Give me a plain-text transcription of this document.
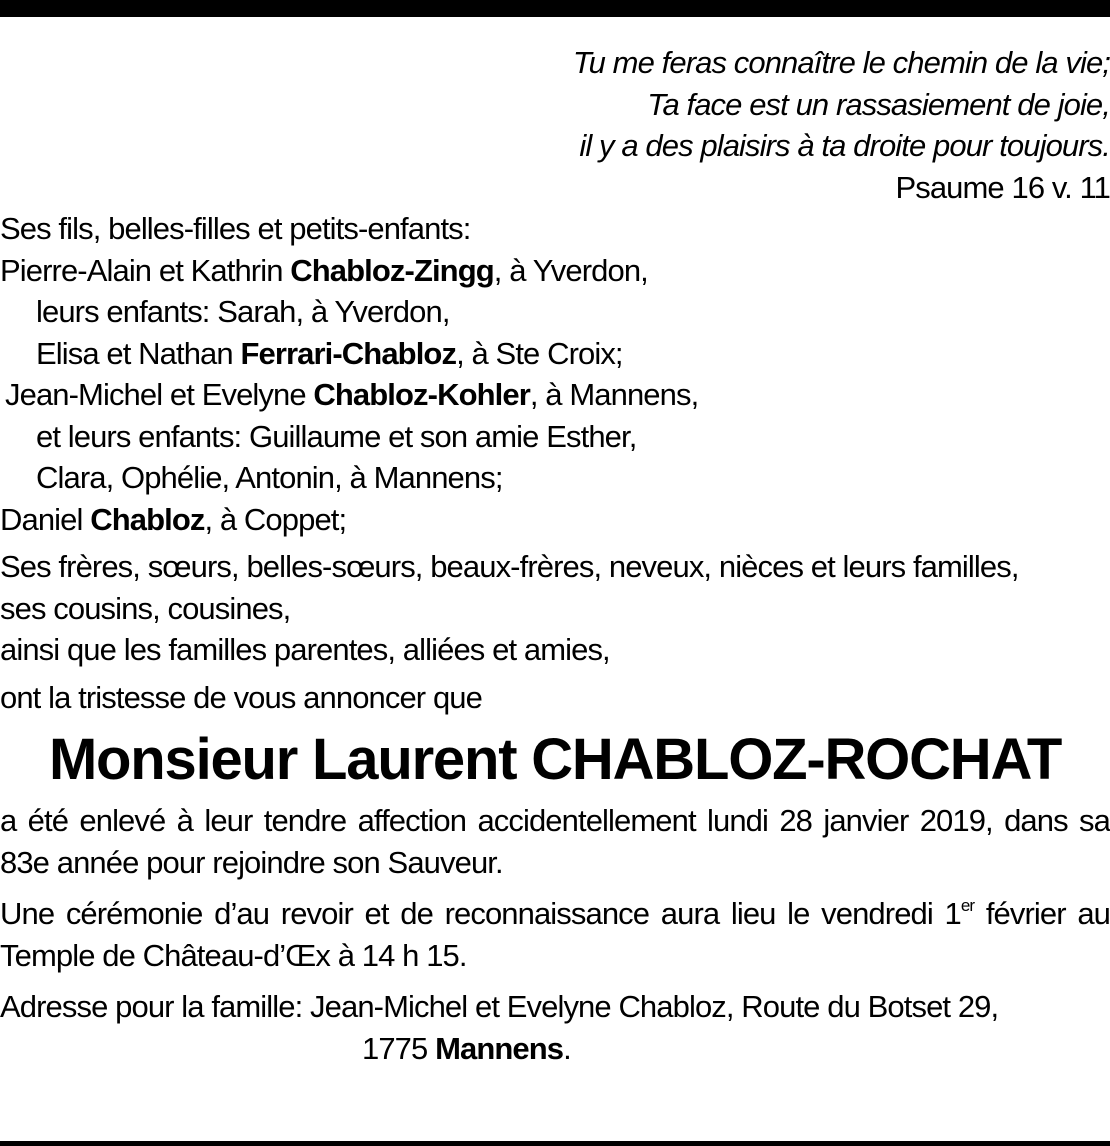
Tu me feras connaître le chemin de la vie;
Ta face est un rassasiement de joie,
il y a des plaisirs à ta droite pour toujours.
Psaume 16 v. 11
Ses fils, belles-filles et petits-enfants:
Pierre-Alain et Kathrin Chabloz-Zingg, à Yverdon,
leurs enfants: Sarah, à Yverdon,
Elisa et Nathan Ferrari-Chabloz, à Ste Croix;
Jean-Michel et Evelyne Chabloz-Kohler, à Mannens,
et leurs enfants: Guillaume et son amie Esther,
Clara, Ophélie, Antonin, à Mannens;
Daniel Chabloz, à Coppet;
Ses frères, sœurs, belles-sœurs, beaux-frères, neveux, nièces et leurs familles,
ses cousins, cousines,
ainsi que les familles parentes, alliées et amies,
ont la tristesse de vous annoncer que
Monsieur Laurent CHABLOZ-ROCHAT
a été enlevé à leur tendre affection accidentellement lundi 28 janvier 2019, dans sa 83e année pour rejoindre son Sauveur.
Une cérémonie d’au revoir et de reconnaissance aura lieu le vendredi 1er février au Temple de Château-d’Œx à 14 h 15.
Adresse pour la famille: Jean-Michel et Evelyne Chabloz, Route du Botset 29,
1775 Mannens.
